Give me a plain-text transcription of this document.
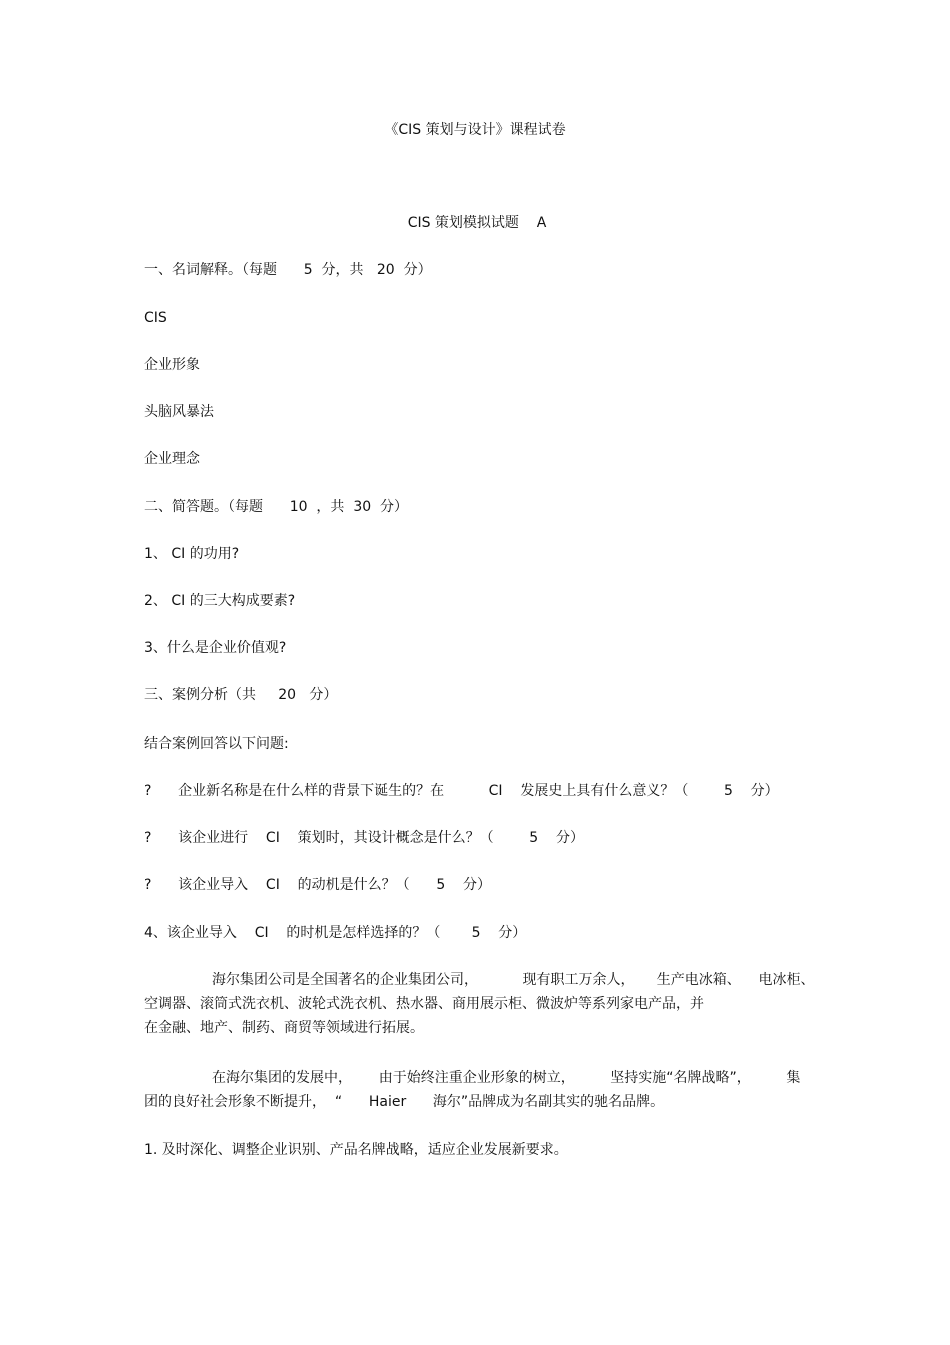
《CIS 策划与设计》课程试卷
CIS 策划模拟试题    A
一、名词解释。（每题      5  分，共   20  分）
CIS
企业形象
头脑风暴法
企业理念
二、简答题。（每题      10  ，共  30  分）
1、 CI 的功用?
2、 CI 的三大构成要素?
3、什么是企业价值观?
三、案例分析（共     20   分）
结合案例回答以下问题:
?      企业新名称是在什么样的背景下诞生的？在          CI    发展史上具有什么意义？（        5    分）
?      该企业进行    CI    策划时，其设计概念是什么？（        5    分）
?      该企业导入    CI    的动机是什么？（      5    分）
4、该企业导入    CI    的时机是怎样选择的？（       5    分）
海尔集团公司是全国著名的企业集团公司，          现有职工万余人，     生产电冰箱、    电冰柜、
空调器、滚筒式洗衣机、波轮式洗衣机、热水器、商用展示柜、微波炉等系列家电产品，并
在金融、地产、制药、商贸等领域进行拓展。
在海尔集团的发展中，      由于始终注重企业形象的树立，        坚持实施“名牌战略”，        集
团的良好社会形象不断提升，  “      Haier      海尔”品牌成为名副其实的驰名品牌。
1. 及时深化、调整企业识别、产品名牌战略，适应企业发展新要求。
